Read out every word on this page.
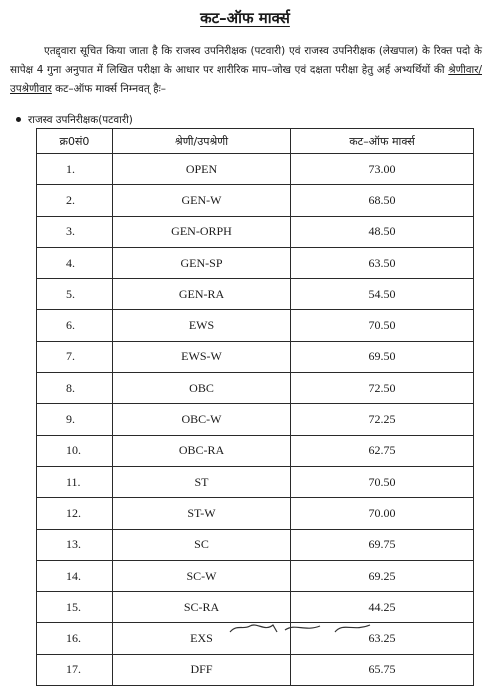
कट–ऑफ मार्क्स
एतद्द्वारा सूचित किया जाता है कि राजस्व उपनिरीक्षक (पटवारी) एवं राजस्व उपनिरीक्षक (लेखपाल) के रिक्त पदो के सापेक्ष 4 गुना अनुपात में लिखित परीक्षा के आधार पर शारीरिक माप–जोख एवं दक्षता परीक्षा हेतु अर्ह अभ्यर्थियों की श्रेणीवार/उपश्रेणीवार कट–ऑफ मार्क्स निम्नवत् हैः–
राजस्व उपनिरीक्षक(पटवारी)
क्र0सं0	श्रेणी/उपश्रेणी	कट–ऑफ मार्क्स
1.	OPEN	73.00
2.	GEN-W	68.50
3.	GEN-ORPH	48.50
4.	GEN-SP	63.50
5.	GEN-RA	54.50
6.	EWS	70.50
7.	EWS-W	69.50
8.	OBC	72.50
9.	OBC-W	72.25
10.	OBC-RA	62.75
11.	ST	70.50
12.	ST-W	70.00
13.	SC	69.75
14.	SC-W	69.25
15.	SC-RA	44.25
16.	EXS	63.25
17.	DFF	65.75
